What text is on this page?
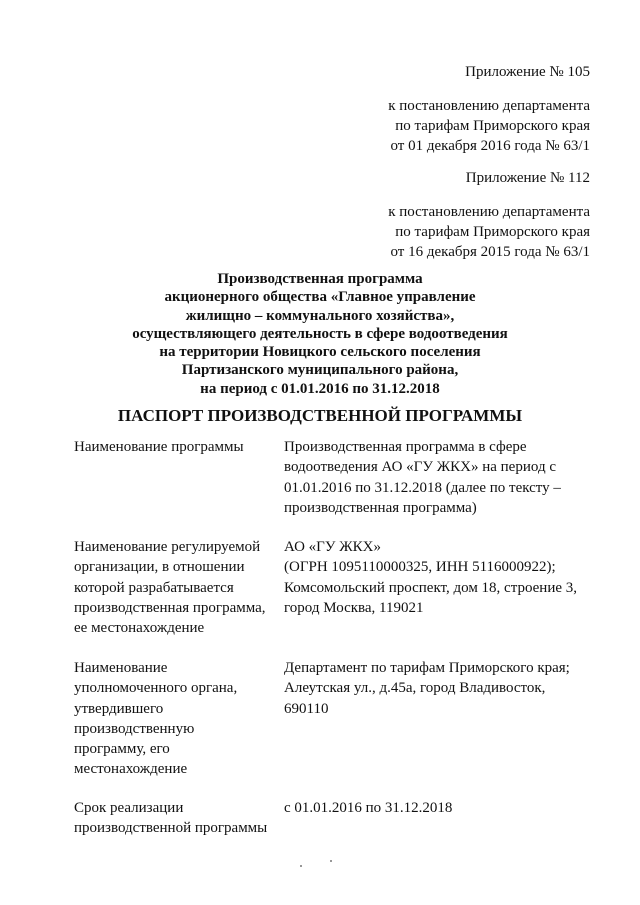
Приложение № 105
к постановлению департамента
по тарифам Приморского края
от 01 декабря 2016 года № 63/1
Приложение № 112
к постановлению департамента
по тарифам Приморского края
от 16 декабря 2015 года № 63/1
Производственная программа
акционерного общества «Главное управление
жилищно – коммунального хозяйства»,
осуществляющего деятельность в сфере водоотведения
на территории Новицкого сельского поселения
Партизанского муниципального района,
на период с 01.01.2016 по 31.12.2018
ПАСПОРТ ПРОИЗВОДСТВЕННОЙ ПРОГРАММЫ
Наименование программы	Производственная программа в сфере
водоотведения АО «ГУ ЖКХ» на период с
01.01.2016 по 31.12.2018 (далее по тексту –
производственная программа)
Наименование регулируемой
организации, в отношении
которой разрабатывается
производственная программа,
ее местонахождение
АО «ГУ ЖКХ»
(ОГРН 1095110000325, ИНН 5116000922);
Комсомольский проспект, дом 18, строение 3,
город Москва, 119021
Наименование
уполномоченного органа,
утвердившего
производственную
программу, его
местонахождение
Департамент по тарифам Приморского края;
Алеутская ул., д.45а, город Владивосток,
690110
Срок реализации
производственной программы
с 01.01.2016 по 31.12.2018
